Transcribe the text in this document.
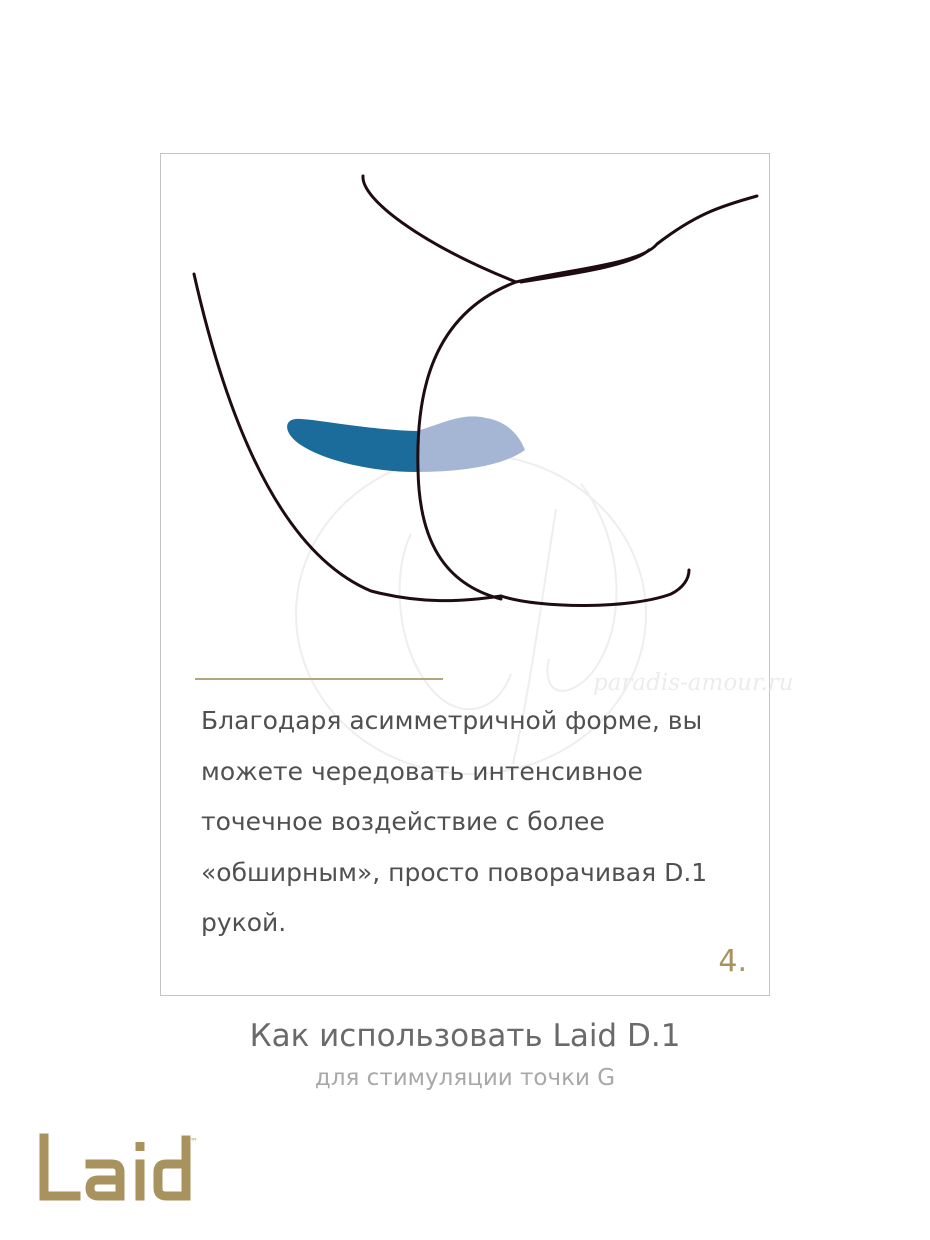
paradis-amour.ru
Благодаря асимметричной форме, вы
можете чередовать интенсивное
точечное воздействие с более
«обширным», просто поворачивая D.1
рукой.
4.
Как использовать Laid D.1
для стимуляции точки G
™
